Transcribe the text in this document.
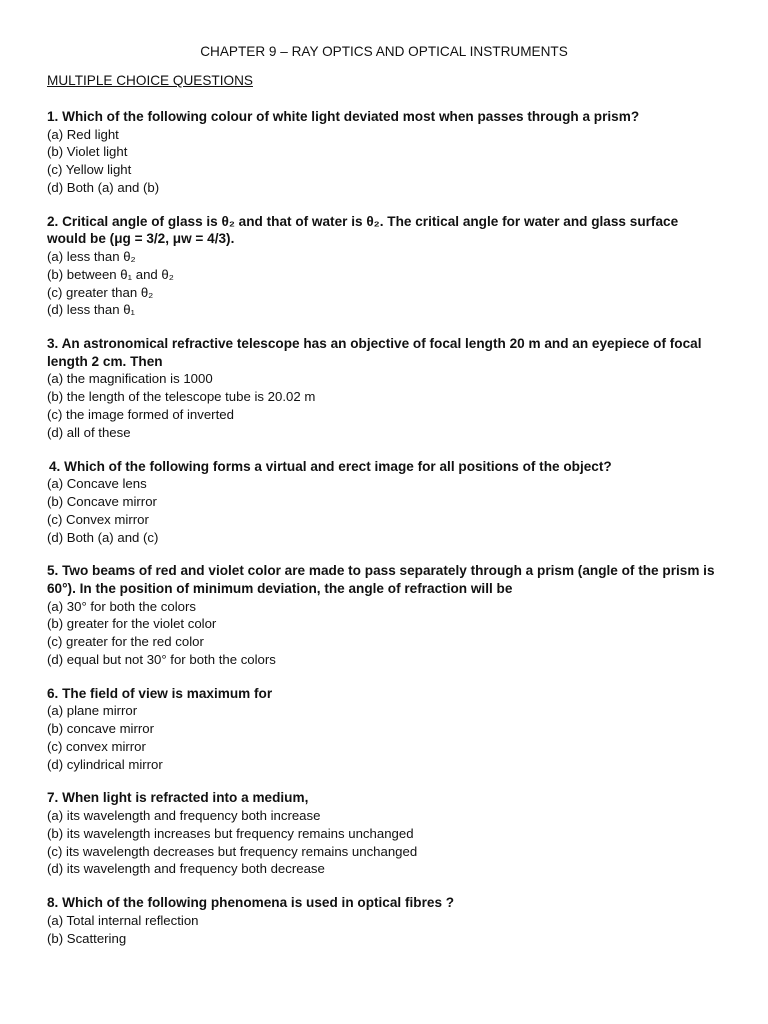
CHAPTER 9 – RAY OPTICS AND OPTICAL INSTRUMENTS
MULTIPLE CHOICE QUESTIONS

1. Which of the following colour of white light deviated most when passes through a prism?

(a) Red light

(b) Violet light

(c) Yellow light

(d) Both (a) and (b)

2. Critical angle of glass is θ₂ and that of water is θ₂. The critical angle for water and glass surface would be (μg = 3/2, μw = 4/3).

(a) less than θ₂

(b) between θ₁ and θ₂

(c) greater than θ₂

(d) less than θ₁

3. An astronomical refractive telescope has an objective of focal length 20 m and an eyepiece of focal length 2 cm. Then

(a) the magnification is 1000

(b) the length of the telescope tube is 20.02 m

(c) the image formed of inverted

(d) all of these

4. Which of the following forms a virtual and erect image for all positions of the object?

(a) Concave lens

(b) Concave mirror

(c) Convex mirror

(d) Both (a) and (c)

5. Two beams of red and violet color are made to pass separately through a prism (angle of the prism is 60°). In the position of minimum deviation, the angle of refraction will be

(a) 30° for both the colors

(b) greater for the violet color

(c) greater for the red color

(d) equal but not 30° for both the colors

6. The field of view is maximum for

(a) plane mirror

(b) concave mirror

(c) convex mirror

(d) cylindrical mirror

7. When light is refracted into a medium,

(a) its wavelength and frequency both increase

(b) its wavelength increases but frequency remains unchanged

(c) its wavelength decreases but frequency remains unchanged

(d) its wavelength and frequency both decrease

8. Which of the following phenomena is used in optical fibres ?

(a) Total internal reflection

(b) Scattering
